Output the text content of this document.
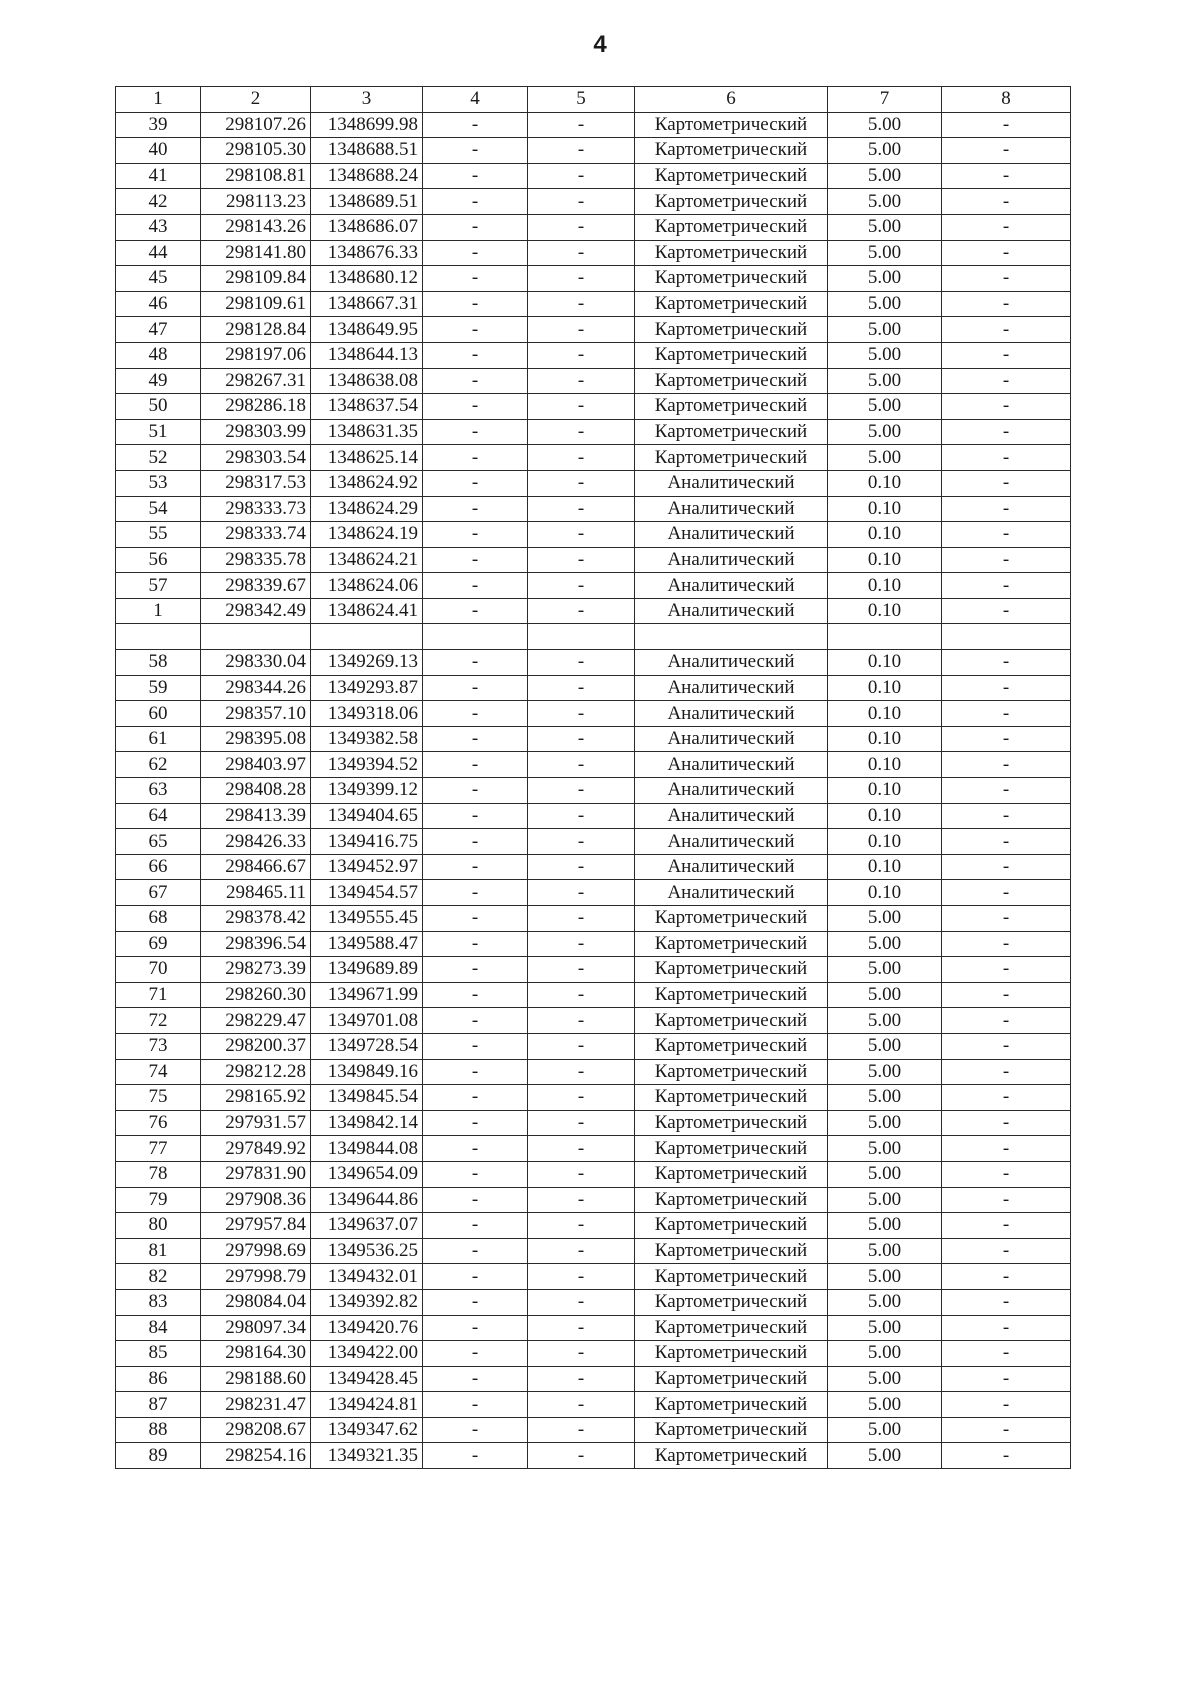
4
1	2	3	4	5	6	7	8
39	298107.26	1348699.98	-	-	Картометрический	5.00	-
40	298105.30	1348688.51	-	-	Картометрический	5.00	-
41	298108.81	1348688.24	-	-	Картометрический	5.00	-
42	298113.23	1348689.51	-	-	Картометрический	5.00	-
43	298143.26	1348686.07	-	-	Картометрический	5.00	-
44	298141.80	1348676.33	-	-	Картометрический	5.00	-
45	298109.84	1348680.12	-	-	Картометрический	5.00	-
46	298109.61	1348667.31	-	-	Картометрический	5.00	-
47	298128.84	1348649.95	-	-	Картометрический	5.00	-
48	298197.06	1348644.13	-	-	Картометрический	5.00	-
49	298267.31	1348638.08	-	-	Картометрический	5.00	-
50	298286.18	1348637.54	-	-	Картометрический	5.00	-
51	298303.99	1348631.35	-	-	Картометрический	5.00	-
52	298303.54	1348625.14	-	-	Картометрический	5.00	-
53	298317.53	1348624.92	-	-	Аналитический	0.10	-
54	298333.73	1348624.29	-	-	Аналитический	0.10	-
55	298333.74	1348624.19	-	-	Аналитический	0.10	-
56	298335.78	1348624.21	-	-	Аналитический	0.10	-
57	298339.67	1348624.06	-	-	Аналитический	0.10	-
1	298342.49	1348624.41	-	-	Аналитический	0.10	-

58	298330.04	1349269.13	-	-	Аналитический	0.10	-
59	298344.26	1349293.87	-	-	Аналитический	0.10	-
60	298357.10	1349318.06	-	-	Аналитический	0.10	-
61	298395.08	1349382.58	-	-	Аналитический	0.10	-
62	298403.97	1349394.52	-	-	Аналитический	0.10	-
63	298408.28	1349399.12	-	-	Аналитический	0.10	-
64	298413.39	1349404.65	-	-	Аналитический	0.10	-
65	298426.33	1349416.75	-	-	Аналитический	0.10	-
66	298466.67	1349452.97	-	-	Аналитический	0.10	-
67	298465.11	1349454.57	-	-	Аналитический	0.10	-
68	298378.42	1349555.45	-	-	Картометрический	5.00	-
69	298396.54	1349588.47	-	-	Картометрический	5.00	-
70	298273.39	1349689.89	-	-	Картометрический	5.00	-
71	298260.30	1349671.99	-	-	Картометрический	5.00	-
72	298229.47	1349701.08	-	-	Картометрический	5.00	-
73	298200.37	1349728.54	-	-	Картометрический	5.00	-
74	298212.28	1349849.16	-	-	Картометрический	5.00	-
75	298165.92	1349845.54	-	-	Картометрический	5.00	-
76	297931.57	1349842.14	-	-	Картометрический	5.00	-
77	297849.92	1349844.08	-	-	Картометрический	5.00	-
78	297831.90	1349654.09	-	-	Картометрический	5.00	-
79	297908.36	1349644.86	-	-	Картометрический	5.00	-
80	297957.84	1349637.07	-	-	Картометрический	5.00	-
81	297998.69	1349536.25	-	-	Картометрический	5.00	-
82	297998.79	1349432.01	-	-	Картометрический	5.00	-
83	298084.04	1349392.82	-	-	Картометрический	5.00	-
84	298097.34	1349420.76	-	-	Картометрический	5.00	-
85	298164.30	1349422.00	-	-	Картометрический	5.00	-
86	298188.60	1349428.45	-	-	Картометрический	5.00	-
87	298231.47	1349424.81	-	-	Картометрический	5.00	-
88	298208.67	1349347.62	-	-	Картометрический	5.00	-
89	298254.16	1349321.35	-	-	Картометрический	5.00	-
